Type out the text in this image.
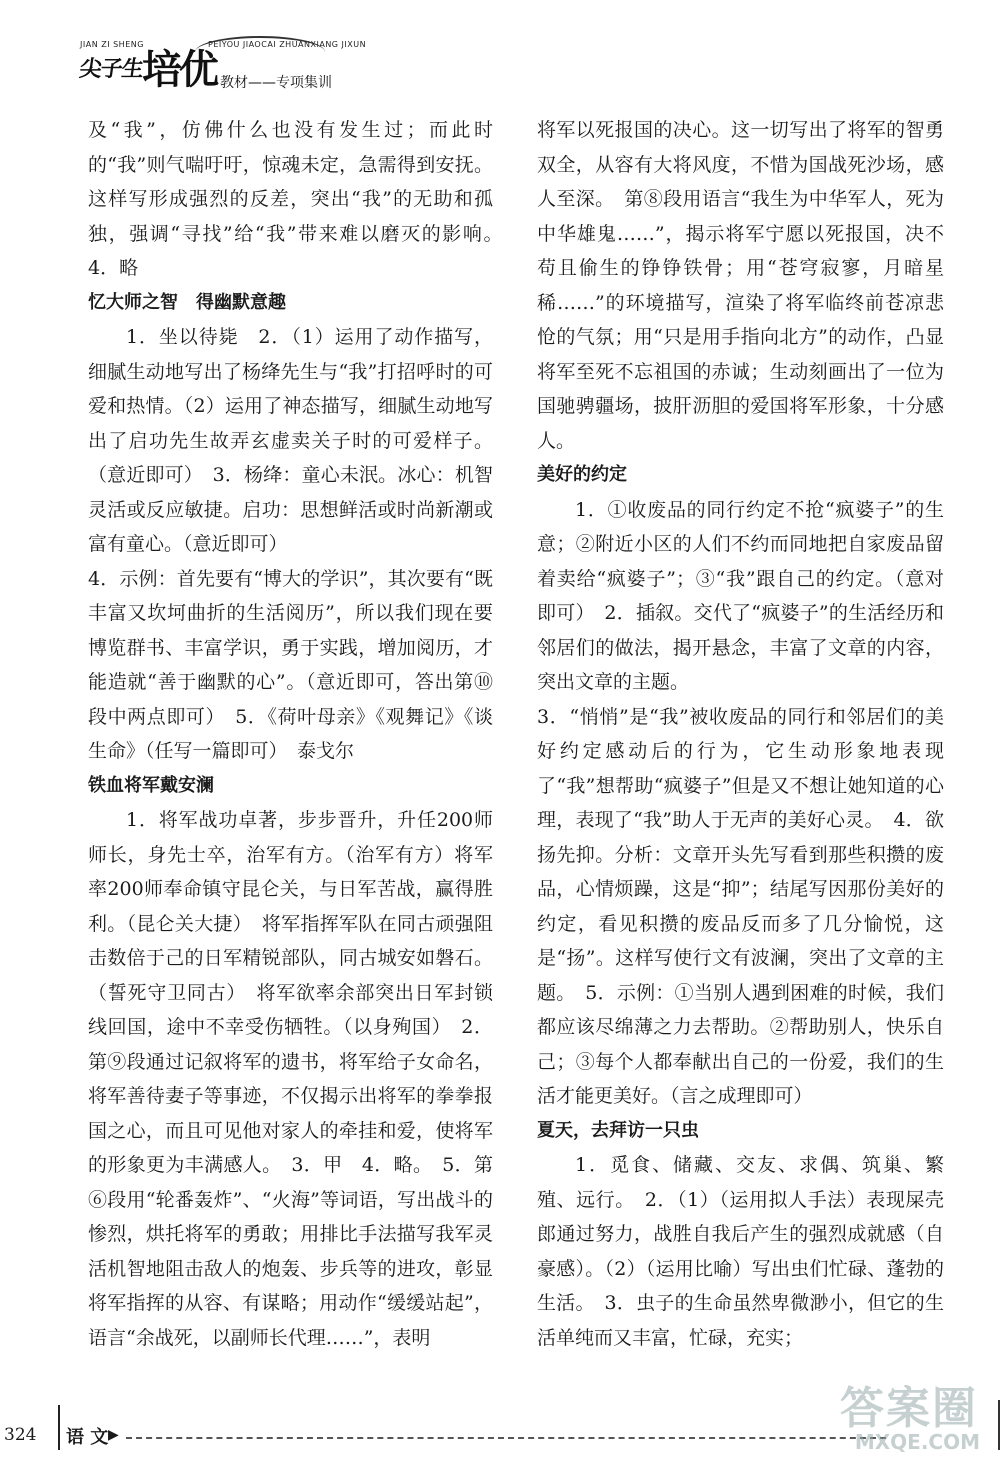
JIAN ZI SHENG
尖子生
培优
PEIYOU JIAOCAI ZHUANXIANG JIXUN
教材——专项集训

及“我”，仿佛什么也没有发生过；而此时的“我”则气喘吁吁，惊魂未定，急需得到安抚。这样写形成强烈的反差，突出“我”的无助和孤独，强调“寻找”给“我”带来难以磨灭的影响。　4．略

忆大师之智　得幽默意趣

1．坐以待毙　2．（1）运用了动作描写，细腻生动地写出了杨绛先生与“我”打招呼时的可爱和热情。（2）运用了神态描写，细腻生动地写出了启功先生故弄玄虚卖关子时的可爱样子。（意近即可）　3．杨绛：童心未泯。冰心：机智灵活或反应敏捷。启功：思想鲜活或时尚新潮或富有童心。（意近即可）

4．示例：首先要有“博大的学识”，其次要有“既丰富又坎坷曲折的生活阅历”，所以我们现在要博览群书、丰富学识，勇于实践，增加阅历，才能造就“善于幽默的心”。（意近即可，答出第⑩段中两点即可）　5．《荷叶母亲》《观舞记》《谈生命》（任写一篇即可）　泰戈尔

铁血将军戴安澜

1．将军战功卓著，步步晋升，升任200师师长，身先士卒，治军有方。（治军有方）将军率200师奉命镇守昆仑关，与日军苦战，赢得胜利。（昆仑关大捷）　将军指挥军队在同古顽强阻击数倍于己的日军精锐部队，同古城安如磐石。（誓死守卫同古）　将军欲率余部突出日军封锁线回国，途中不幸受伤牺牲。（以身殉国）　2．第⑨段通过记叙将军的遗书，将军给子女命名，将军善待妻子等事迹，不仅揭示出将军的拳拳报国之心，而且可见他对家人的牵挂和爱，使将军的形象更为丰满感人。　3．甲　4．略。　5．第⑥段用“轮番轰炸”、“火海”等词语，写出战斗的惨烈，烘托将军的勇敢；用排比手法描写我军灵活机智地阻击敌人的炮轰、步兵等的进攻，彰显将军指挥的从容、有谋略；用动作“缓缓站起”，语言“余战死，以副师长代理……”，表明

将军以死报国的决心。这一切写出了将军的智勇双全，从容有大将风度，不惜为国战死沙场，感人至深。　第⑧段用语言“我生为中华军人，死为中华雄鬼……”，揭示将军宁愿以死报国，决不苟且偷生的铮铮铁骨；用“苍穹寂寥，月暗星稀……”的环境描写，渲染了将军临终前苍凉悲怆的气氛；用“只是用手指向北方”的动作，凸显将军至死不忘祖国的赤诚；生动刻画出了一位为国驰骋疆场，披肝沥胆的爱国将军形象，十分感人。

美好的约定

1．①收废品的同行约定不抢“疯婆子”的生意；②附近小区的人们不约而同地把自家废品留着卖给“疯婆子”；③“我”跟自己的约定。（意对即可）　2．插叙。交代了“疯婆子”的生活经历和邻居们的做法，揭开悬念，丰富了文章的内容，突出文章的主题。

3．“悄悄”是“我”被收废品的同行和邻居们的美好约定感动后的行为，它生动形象地表现了“我”想帮助“疯婆子”但是又不想让她知道的心理，表现了“我”助人于无声的美好心灵。　4．欲扬先抑。分析：文章开头先写看到那些积攒的废品，心情烦躁，这是“抑”；结尾写因那份美好的约定，看见积攒的废品反而多了几分愉悦，这是“扬”。这样写使行文有波澜，突出了文章的主题。　5．示例：①当别人遇到困难的时候，我们都应该尽绵薄之力去帮助。②帮助别人，快乐自己；③每个人都奉献出自己的一份爱，我们的生活才能更美好。（言之成理即可）

夏天，去拜访一只虫

1．觅食、储藏、交友、求偶、筑巢、繁殖、远行。　2．（1）（运用拟人手法）表现屎壳郎通过努力，战胜自我后产生的强烈成就感（自豪感）。（2）（运用比喻）写出虫们忙碌、蓬勃的生活。　3．虫子的生命虽然卑微渺小，但它的生活单纯而又丰富，忙碌，充实；

324 语 文 ▶
答案圈
MXQE.COM
